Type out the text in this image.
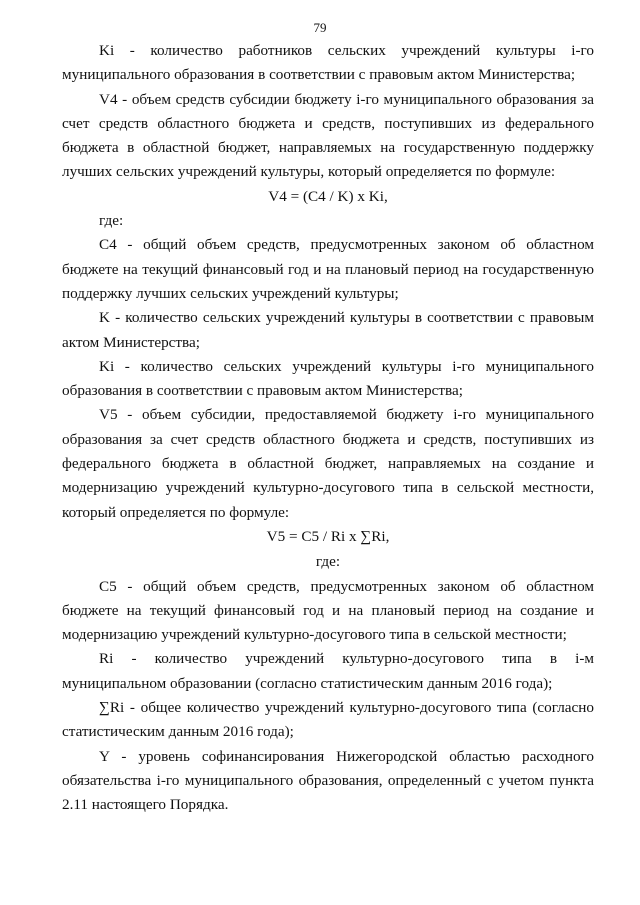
79

Ki - количество работников сельских учреждений культуры i-го муниципального образования в соответствии с правовым актом Министерства;

V4 - объем средств субсидии бюджету i-го муниципального образования за счет средств областного бюджета и средств, поступивших из федерального бюджета в областной бюджет, направляемых на государственную поддержку лучших сельских учреждений культуры, который определяется по формуле:

V4 = (C4 / K) x Ki,

где:

C4 - общий объем средств, предусмотренных законом об областном бюджете на текущий финансовый год и на плановый период на государственную поддержку лучших сельских учреждений культуры;

K - количество сельских учреждений культуры в соответствии с правовым актом Министерства;

Ki - количество сельских учреждений культуры i-го муниципального образования в соответствии с правовым актом Министерства;

V5 - объем субсидии, предоставляемой бюджету i-го муниципального образования за счет средств областного бюджета и средств, поступивших из федерального бюджета в областной бюджет, направляемых на создание и модернизацию учреждений культурно-досугового типа в сельской местности, который определяется по формуле:

V5 = C5 / Ri x ∑Ri,

где:

C5 - общий объем средств, предусмотренных законом об областном бюджете на текущий финансовый год и на плановый период на создание и модернизацию учреждений культурно-досугового типа в сельской местности;

Ri - количество учреждений культурно-досугового типа в i-м муниципальном образовании (согласно статистическим данным 2016 года);

∑Ri - общее количество учреждений культурно-досугового типа (согласно статистическим данным 2016 года);

Y - уровень софинансирования Нижегородской областью расходного обязательства i-го муниципального образования, определенный с учетом пункта 2.11 настоящего Порядка.
